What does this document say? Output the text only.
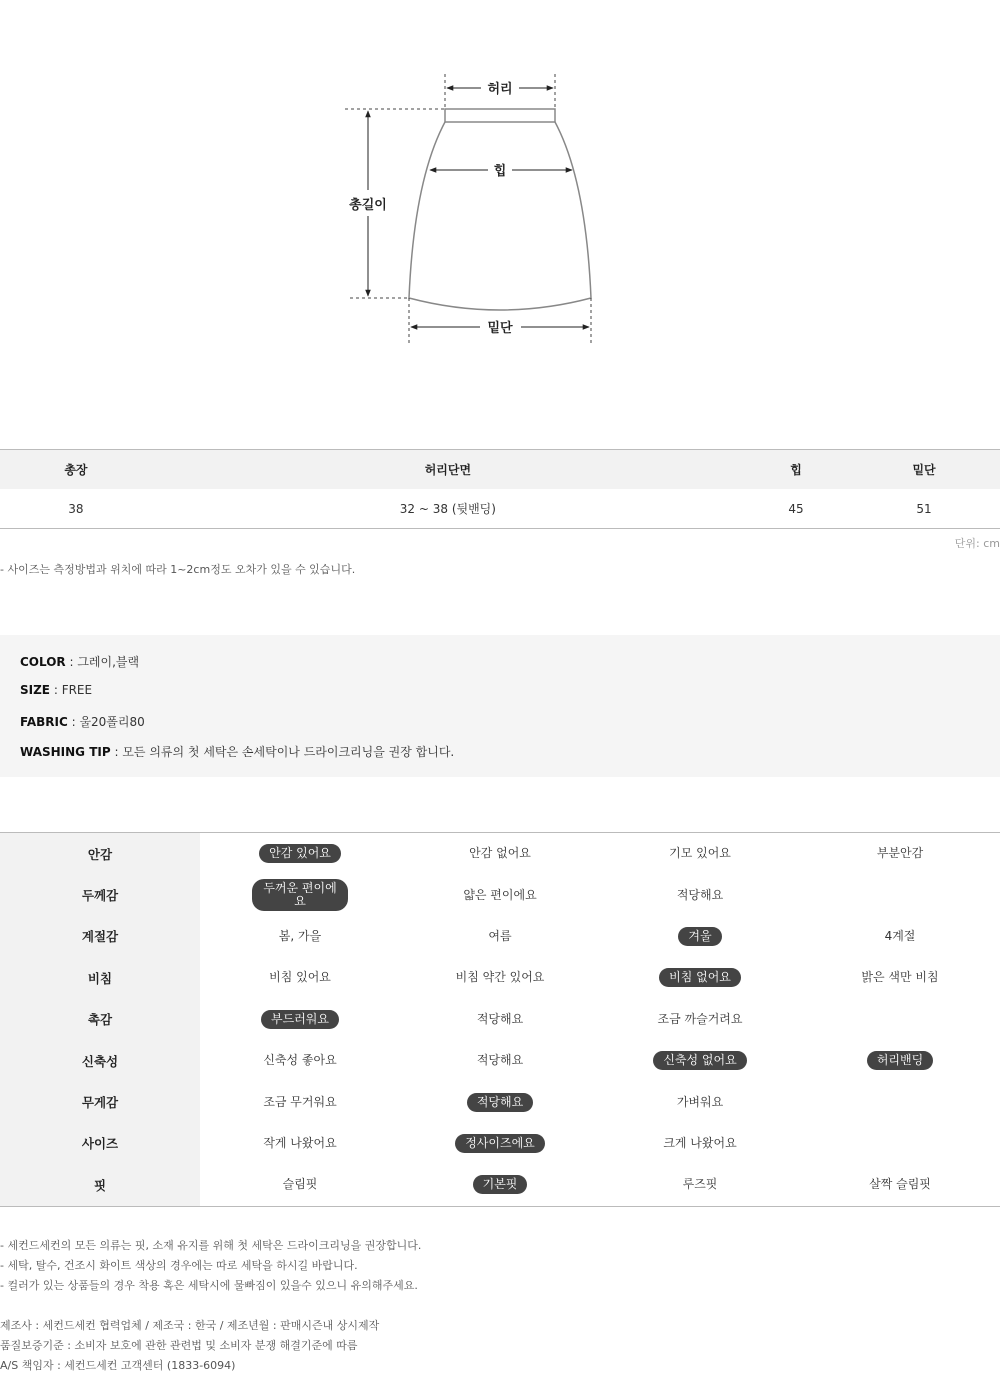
허리
힙
총길이
밑단
총장	허리단면	힙	밑단
38	32 ~ 38 (뒷밴딩)	45	51
단위: cm
- 사이즈는 측정방법과 위치에 따라 1~2cm정도 오차가 있을 수 있습니다.
COLOR : 그레이,블랙
SIZE : FREE
FABRIC : 울20폴리80
WASHING TIP : 모든 의류의 첫 세탁은 손세탁이나 드라이크리닝을 권장 합니다.
안감	안감 있어요	안감 없어요	기모 있어요	부분안감
두께감	두꺼운 편이에요	얇은 편이에요	적당해요
계절감	봄, 가을	여름	겨울	4계절
비침	비침 있어요	비침 약간 있어요	비침 없어요	밝은 색만 비침
촉감	부드러워요	적당해요	조금 까슬거려요
신축성	신축성 좋아요	적당해요	신축성 없어요	허리밴딩
무게감	조금 무거워요	적당해요	가벼워요
사이즈	작게 나왔어요	정사이즈에요	크게 나왔어요
핏	슬림핏	기본핏	루즈핏	살짝 슬림핏
- 세컨드세컨의 모든 의류는 핏, 소재 유지를 위해 첫 세탁은 드라이크리닝을 권장합니다.
- 세탁, 탈수, 건조시 화이트 색상의 경우에는 따로 세탁을 하시길 바랍니다.
- 컬러가 있는 상품들의 경우 착용 혹은 세탁시에 물빠짐이 있을수 있으니 유의해주세요.
제조사 : 세컨드세컨 협력업체 / 제조국 : 한국 / 제조년월 : 판매시즌내 상시제작
품질보증기준 : 소비자 보호에 관한 관련법 및 소비자 분쟁 해결기준에 따름
A/S 책임자 : 세컨드세컨 고객센터 (1833-6094)
